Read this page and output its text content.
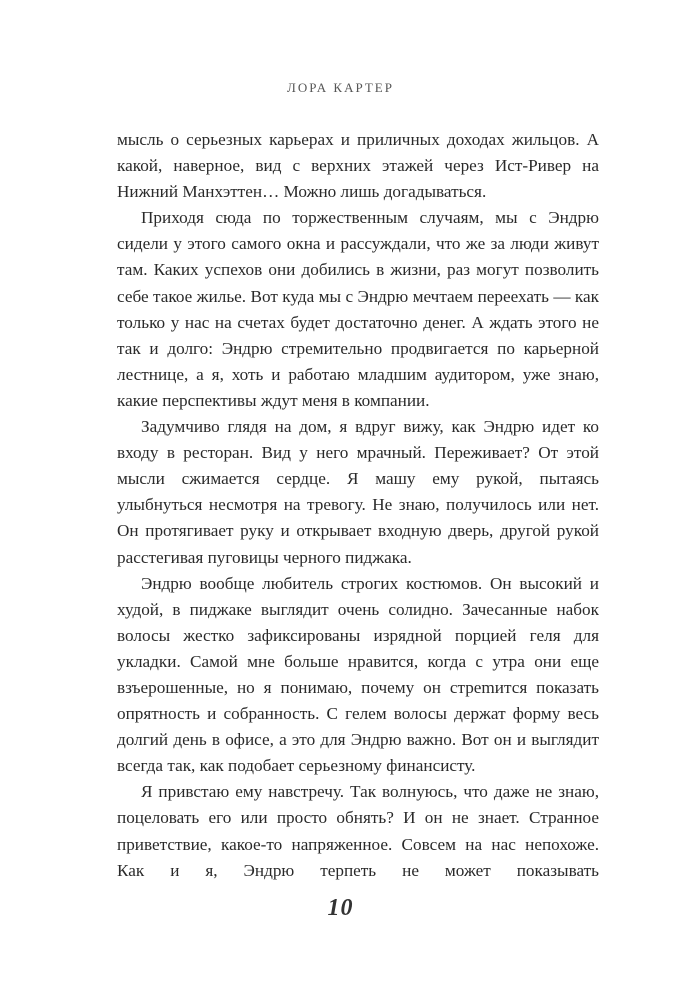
ЛОРА КАРТЕР

мысль о серьезных карьерах и приличных доходах жильцов. А какой, наверное, вид с верхних этажей через Ист-Ривер на Нижний Манхэттен… Можно лишь догадываться.

Приходя сюда по торжественным случаям, мы с Эндрю сидели у этого самого окна и рассуждали, что же за люди живут там. Каких успехов они добились в жизни, раз могут позволить себе такое жилье. Вот куда мы с Эндрю мечтаем переехать — как только у нас на счетах будет достаточно денег. А ждать этого не так и долго: Эндрю стремительно продвигается по карьерной лестнице, а я, хоть и работаю младшим аудитором, уже знаю, какие перспективы ждут меня в компании.

Задумчиво глядя на дом, я вдруг вижу, как Эндрю идет ко входу в ресторан. Вид у него мрачный. Переживает? От этой мысли сжимается сердце. Я машу ему рукой, пытаясь улыбнуться несмотря на тревогу. Не знаю, получилось или нет. Он протягивает руку и открывает входную дверь, другой рукой расстегивая пуговицы черного пиджака.

Эндрю вообще любитель строгих костюмов. Он высокий и худой, в пиджаке выглядит очень солидно. Зачесанные набок волосы жестко зафиксированы изрядной порцией геля для укладки. Самой мне больше нравится, когда с утра они еще взъерошенные, но я понимаю, почему он стреmится показать опрятность и собранность. С гелем волосы держат форму весь долгий день в офисе, а это для Эндрю важно. Вот он и выглядит всегда так, как подобает серьезному финансисту.

Я привстаю ему навстречу. Так волнуюсь, что даже не знаю, поцеловать его или просто обнять? И он не знает. Странное приветствие, какое-то напряженное. Совсем на нас непохоже. Как и я, Эндрю терпеть не может показывать

10
